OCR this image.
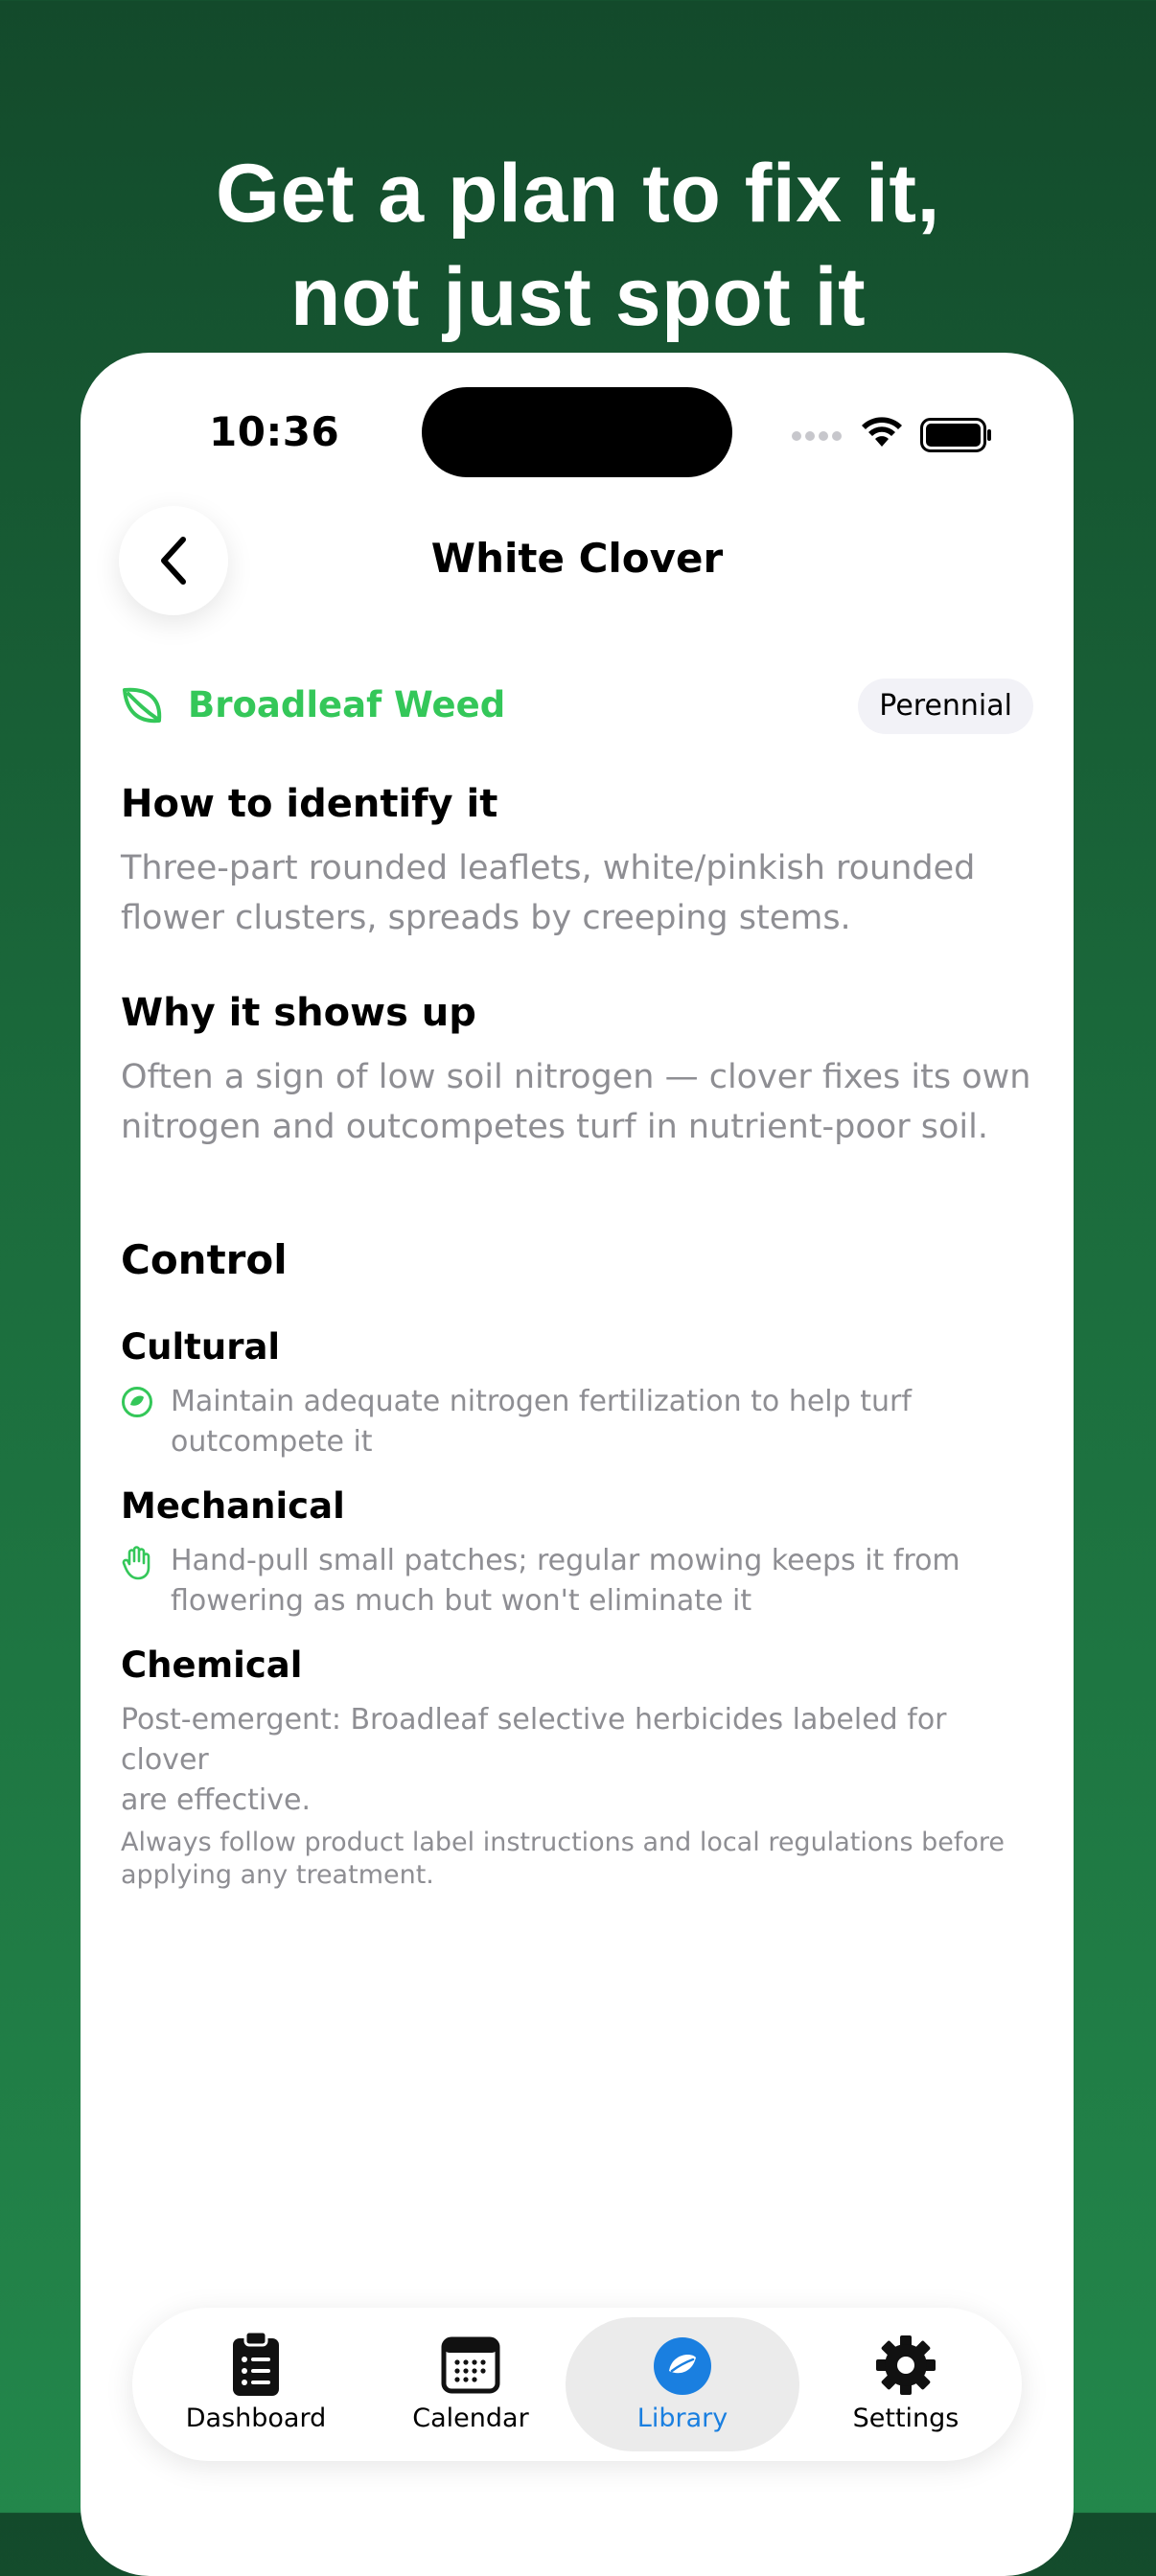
Get a plan to fix it,
not just spot it
10:36
White Clover
Broadleaf Weed	Perennial
How to identify it
Three-part rounded leaflets, white/pinkish rounded
flower clusters, spreads by creeping stems.
Why it shows up
Often a sign of low soil nitrogen — clover fixes its own
nitrogen and outcompetes turf in nutrient-poor soil.
Control
Cultural
Maintain adequate nitrogen fertilization to help turf
outcompete it
Mechanical
Hand-pull small patches; regular mowing keeps it from
flowering as much but won't eliminate it
Chemical
Post-emergent: Broadleaf selective herbicides labeled for clover
are effective.
Always follow product label instructions and local regulations before
applying any treatment.
Dashboard	Calendar	Library	Settings
